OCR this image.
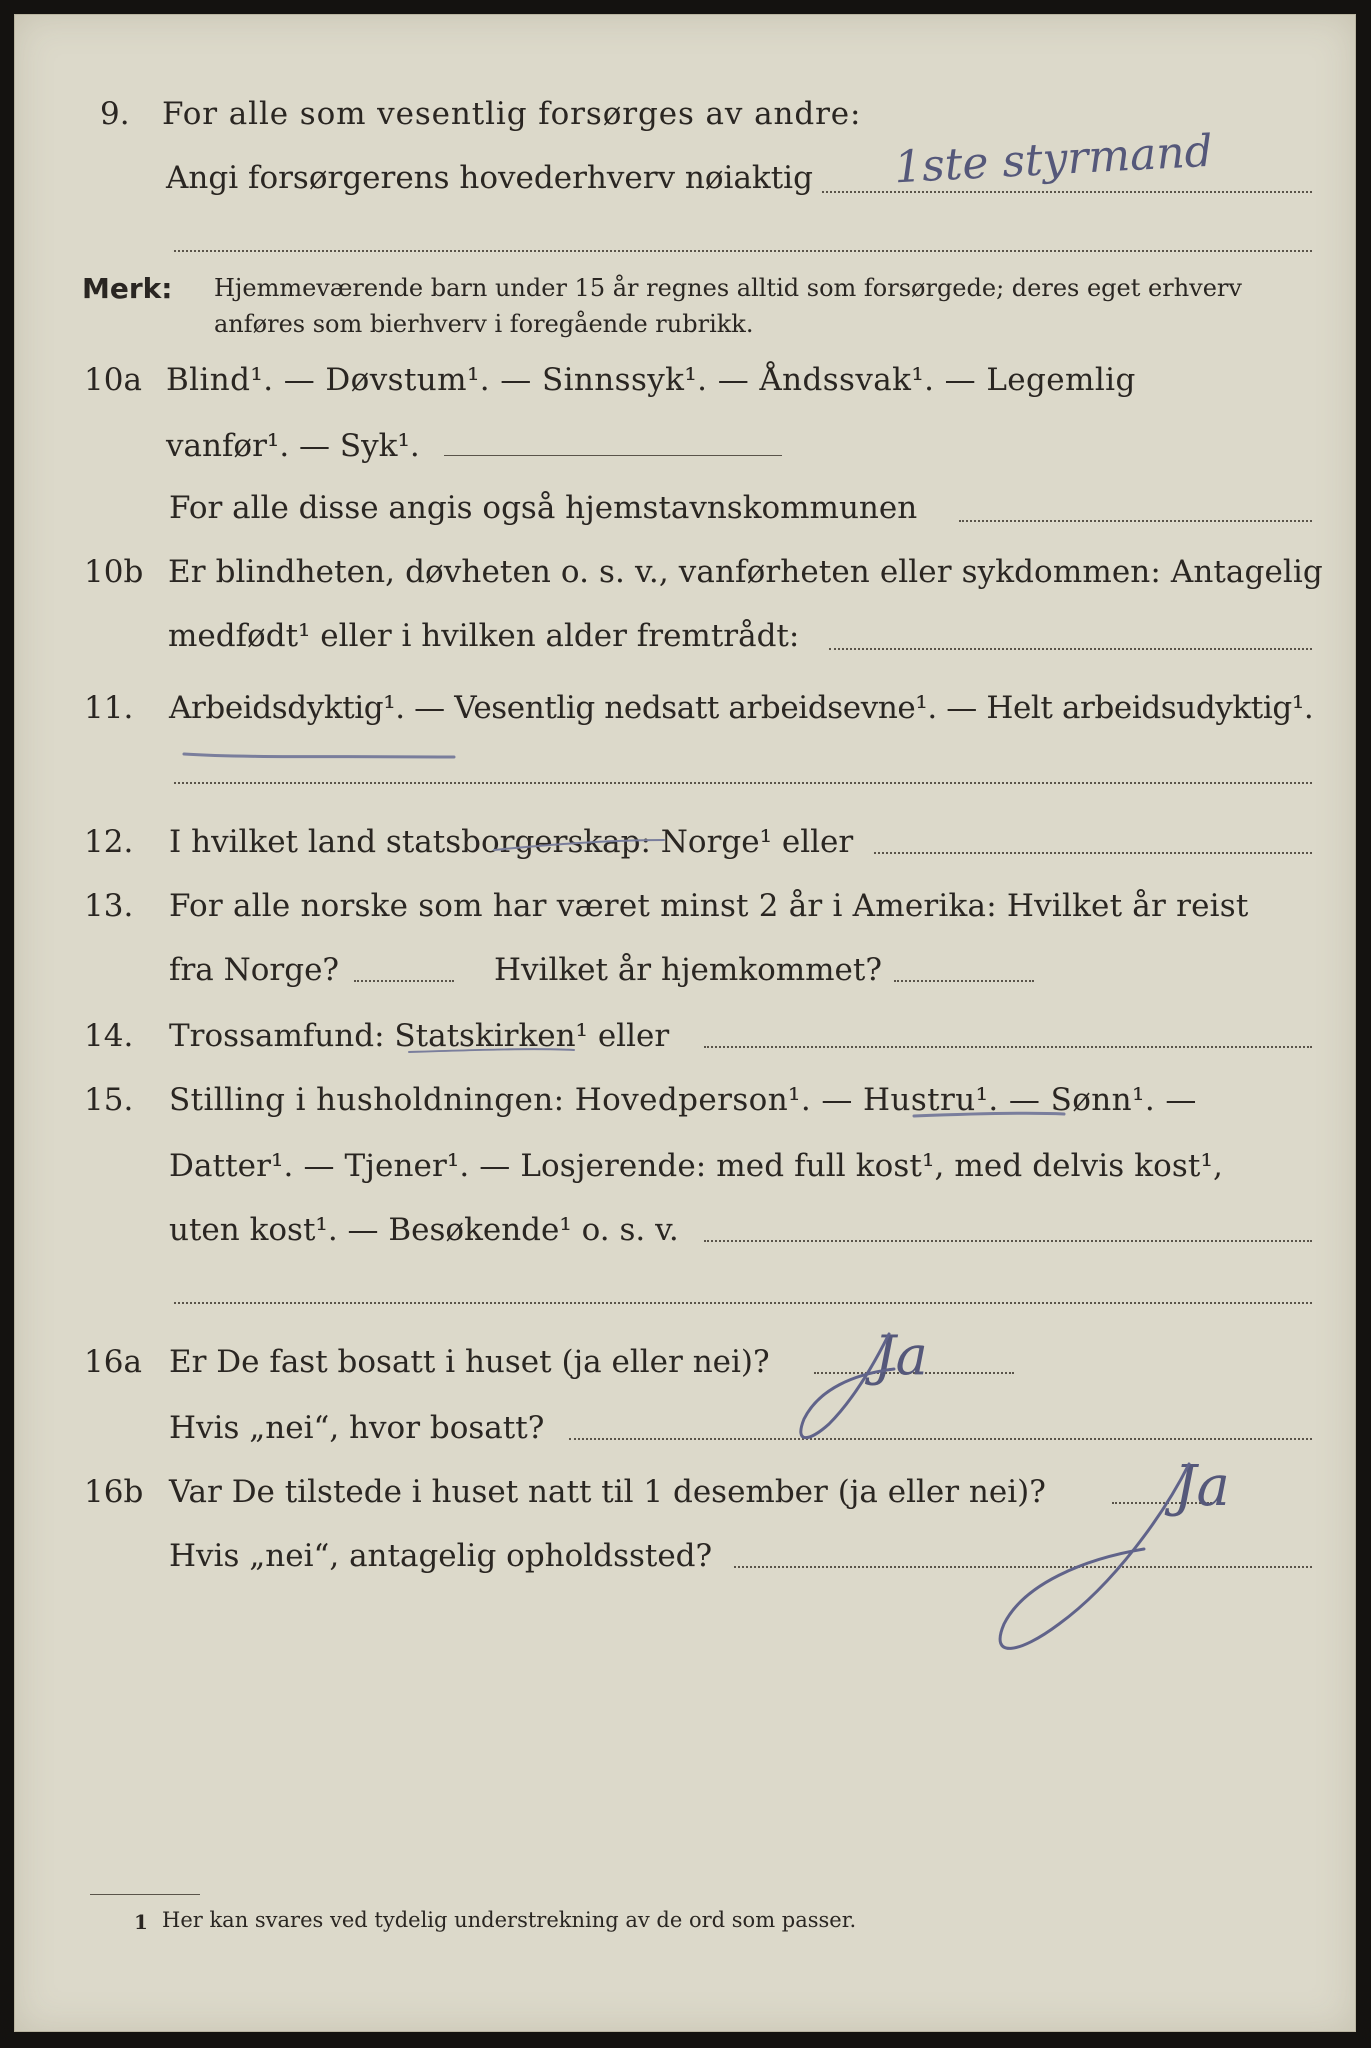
9. For alle som vesentlig forsørges av andre:
Angi forsørgerens hovederhverv nøiaktig 1ste styrmand
Merk: Hjemmeværende barn under 15 år regnes alltid som forsørgede; deres eget erhverv
anføres som bierhverv i foregående rubrikk.
10a Blind¹. — Døvstum¹. — Sinnssyk¹. — Åndssvak¹. — Legemlig
vanfør¹. — Syk¹.
For alle disse angis også hjemstavnskommunen
10b Er blindheten, døvheten o. s. v., vanførheten eller sykdommen: Antagelig
medfødt¹ eller i hvilken alder fremtrådt:
11. Arbeidsdyktig¹. — Vesentlig nedsatt arbeidsevne¹. — Helt arbeidsudyktig¹.
12. I hvilket land statsborgerskap: Norge¹ eller
13. For alle norske som har været minst 2 år i Amerika: Hvilket år reist
fra Norge?	Hvilket år hjemkommet?
14. Trossamfund: Statskirken¹ eller
15. Stilling i husholdningen: Hovedperson¹. — Hustru¹. — Sønn¹. —
Datter¹. — Tjener¹. — Losjerende: med full kost¹, med delvis kost¹,
uten kost¹. — Besøkende¹ o. s. v.
16a Er De fast bosatt i huset (ja eller nei)? Ja
Hvis „nei“, hvor bosatt?
16b Var De tilstede i huset natt til 1 desember (ja eller nei)? Ja
Hvis „nei“, antagelig opholdssted?
1 Her kan svares ved tydelig understrekning av de ord som passer.
